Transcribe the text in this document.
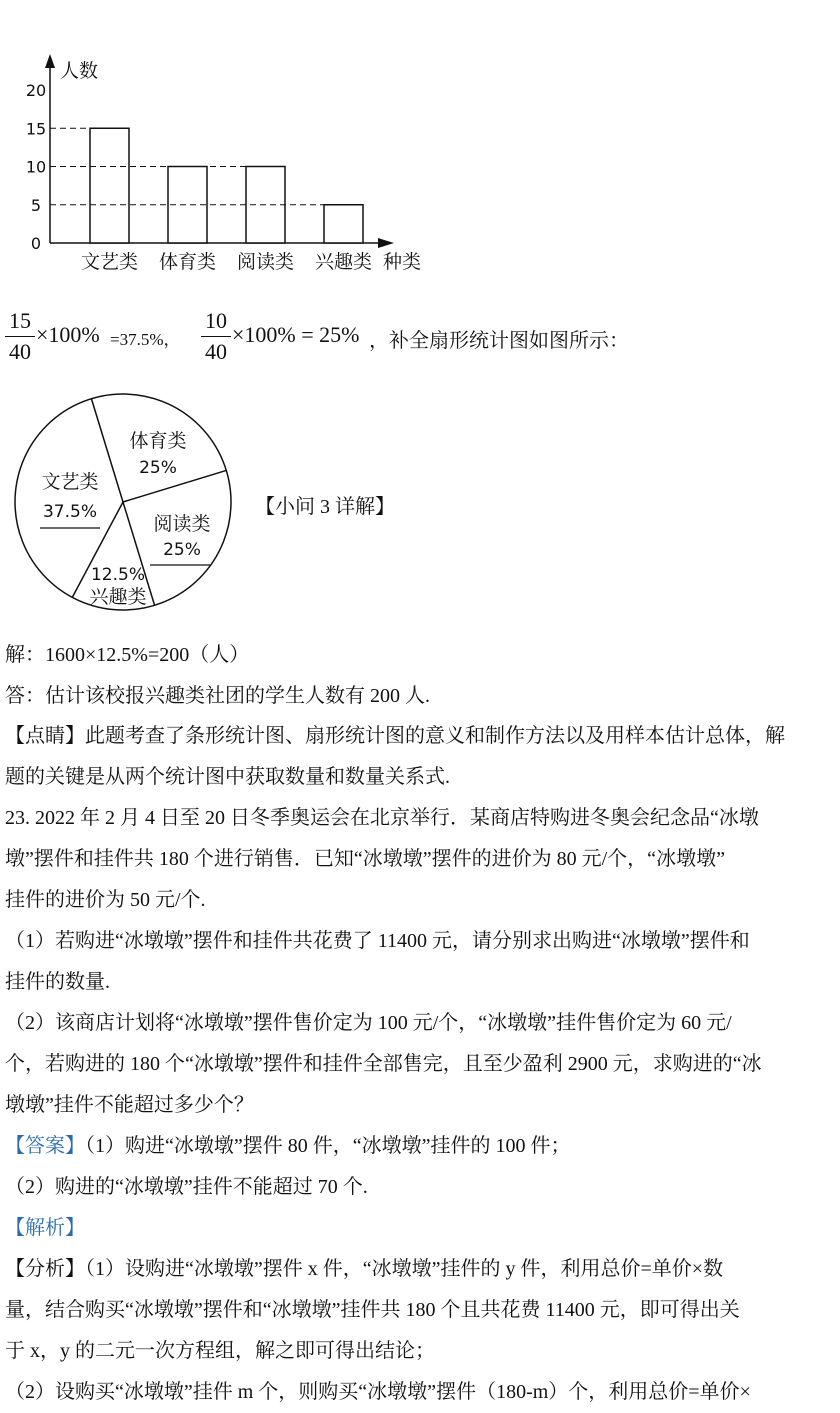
人数
种类
0
5
10
15
20
文艺类 体育类 阅读类 兴趣类
15
40
×100% =37.5%，
10
40
×100% = 25% ，补全扇形统计图如图所示：
文艺类
37.5%
体育类
25%
阅读类
25%
12.5%
兴趣类
【小问 3 详解】
解：1600×12.5%=200（人）
答：估计该校报兴趣类社团的学生人数有 200 人.
【点睛】此题考查了条形统计图、扇形统计图的意义和制作方法以及用样本估计总体，解
题的关键是从两个统计图中获取数量和数量关系式.
23. 2022 年 2 月 4 日至 20 日冬季奥运会在北京举行．某商店特购进冬奥会纪念品“冰墩
墩”摆件和挂件共 180 个进行销售．已知“冰墩墩”摆件的进价为 80 元/个，“冰墩墩”
挂件的进价为 50 元/个.
（1）若购进“冰墩墩”摆件和挂件共花费了 11400 元，请分别求出购进“冰墩墩”摆件和
挂件的数量.
（2）该商店计划将“冰墩墩”摆件售价定为 100 元/个，“冰墩墩”挂件售价定为 60 元/
个，若购进的 180 个“冰墩墩”摆件和挂件全部售完，且至少盈利 2900 元，求购进的“冰
墩墩”挂件不能超过多少个？
【答案】（1）购进“冰墩墩”摆件 80 件，“冰墩墩”挂件的 100 件；
（2）购进的“冰墩墩”挂件不能超过 70 个.
【解析】
【分析】（1）设购进“冰墩墩”摆件 x 件，“冰墩墩”挂件的 y 件，利用总价=单价×数
量，结合购买“冰墩墩”摆件和“冰墩墩”挂件共 180 个且共花费 11400 元，即可得出关
于 x，y 的二元一次方程组，解之即可得出结论；
（2）设购买“冰墩墩”挂件 m 个，则购买“冰墩墩”摆件（180-m）个，利用总价=单价×
